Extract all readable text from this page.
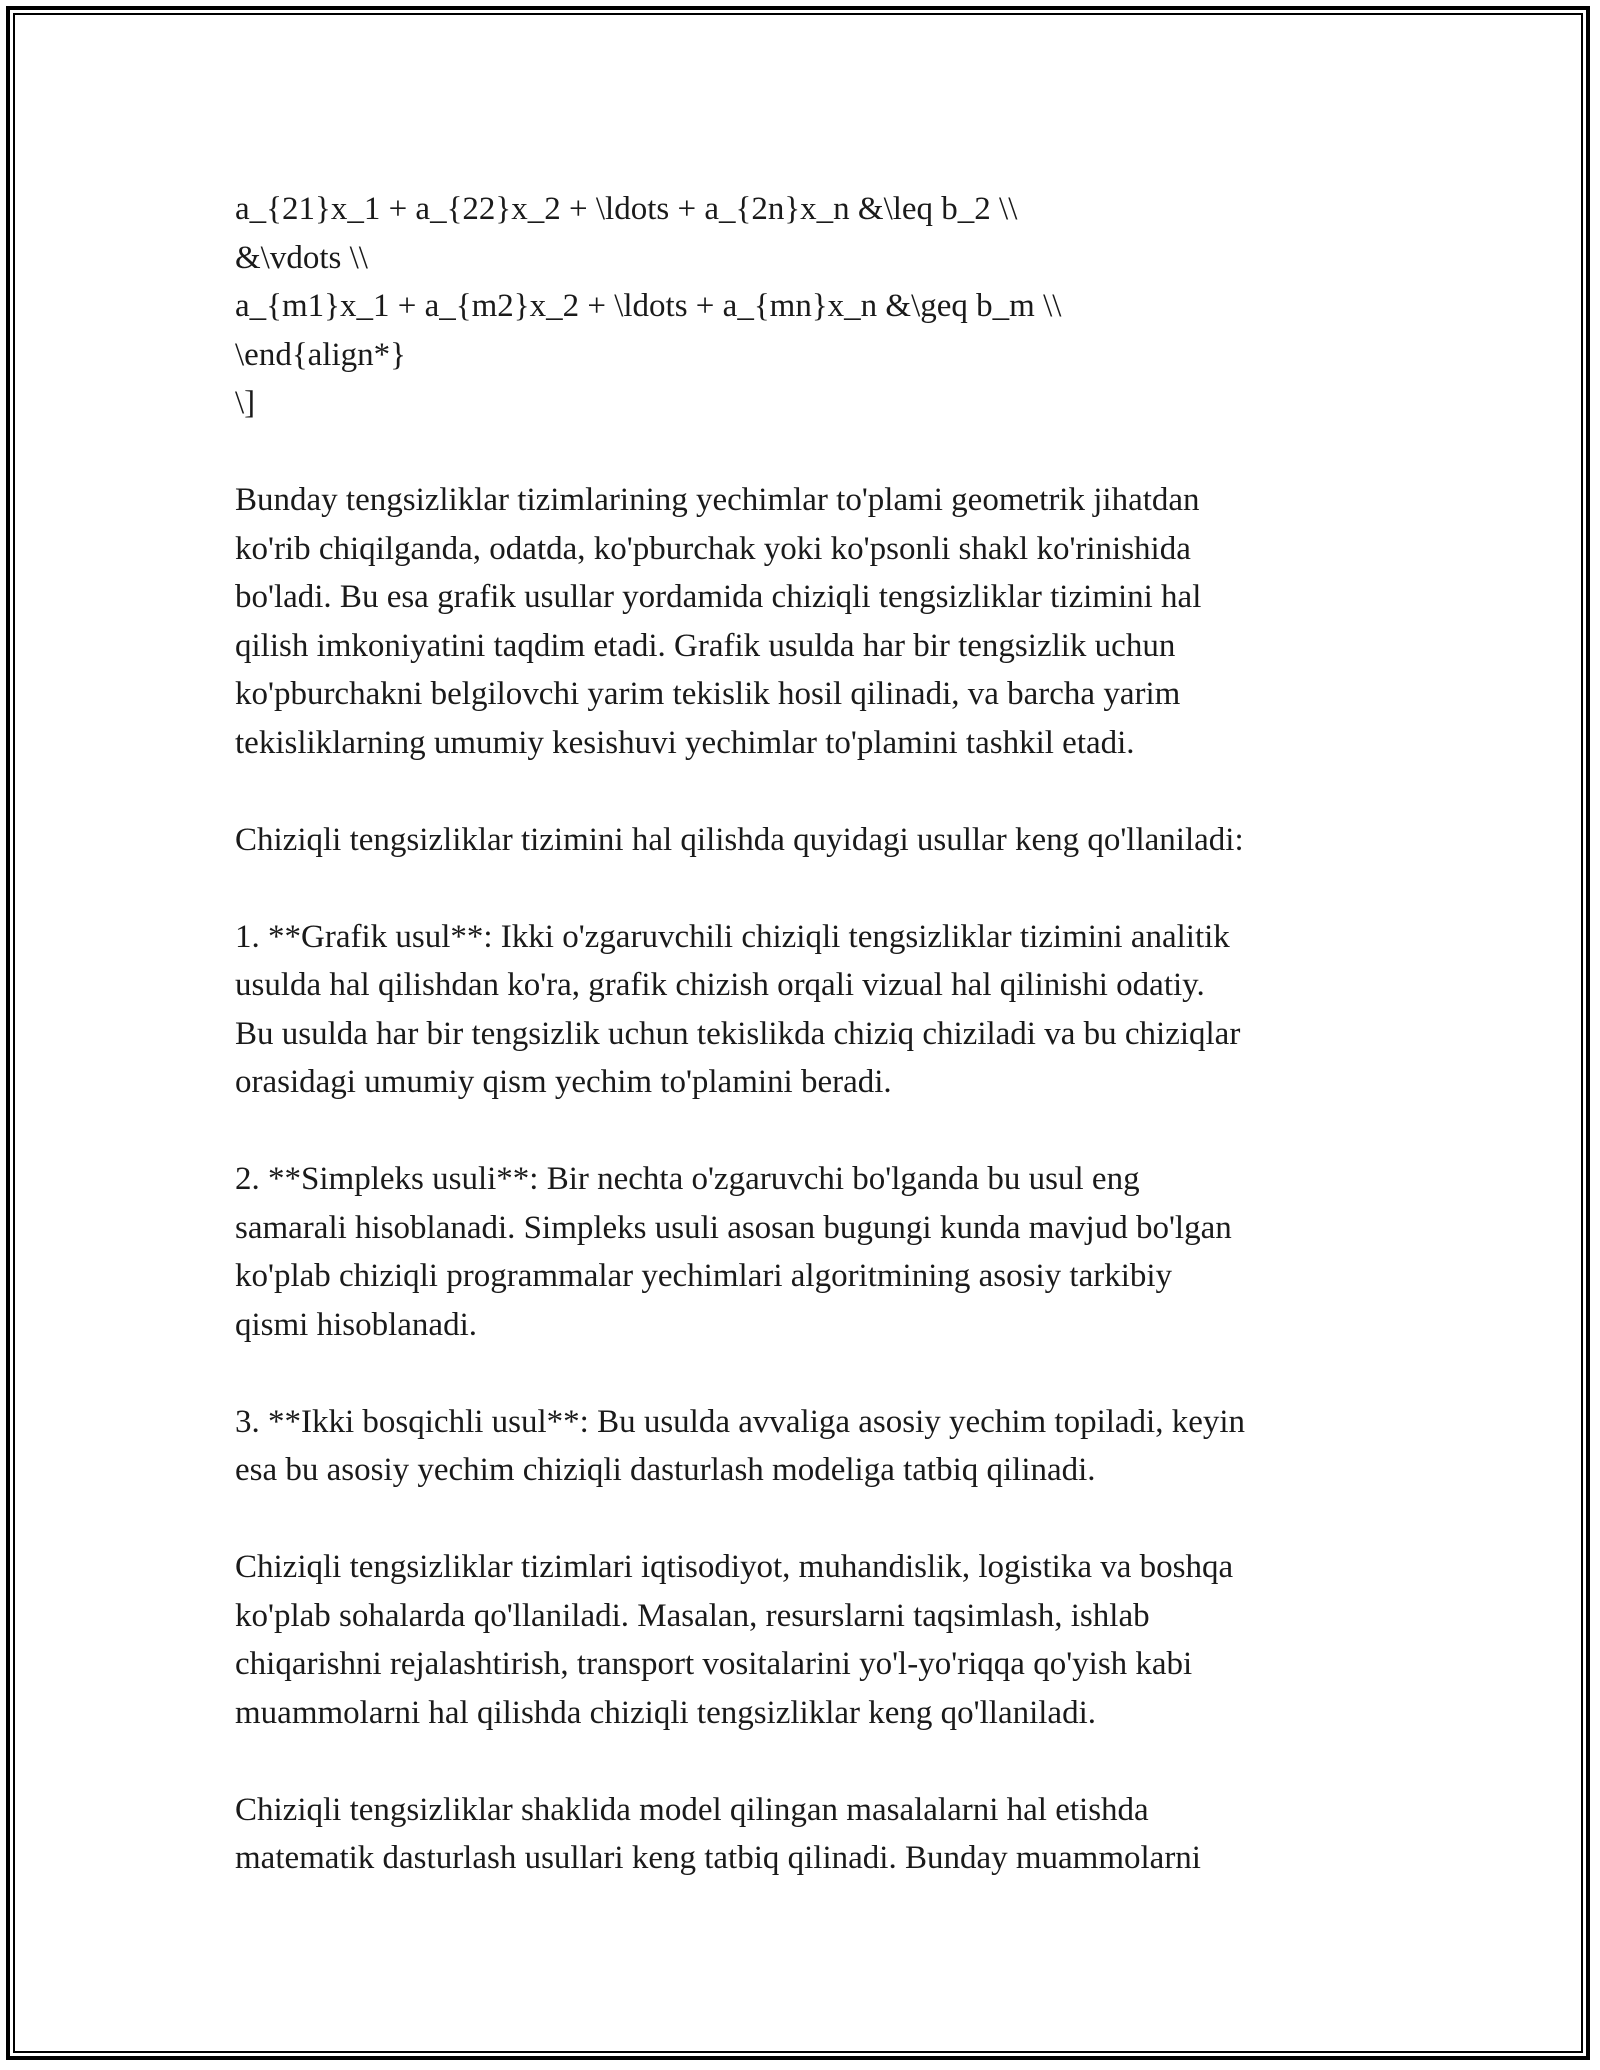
a_{21}x_1 + a_{22}x_2 + \ldots + a_{2n}x_n &\leq b_2 \\
&\vdots \\
a_{m1}x_1 + a_{m2}x_2 + \ldots + a_{mn}x_n &\geq b_m \\
\end{align*}
\]
Bunday tengsizliklar tizimlarining yechimlar to'plami geometrik jihatdan
ko'rib chiqilganda, odatda, ko'pburchak yoki ko'psonli shakl ko'rinishida
bo'ladi. Bu esa grafik usullar yordamida chiziqli tengsizliklar tizimini hal
qilish imkoniyatini taqdim etadi. Grafik usulda har bir tengsizlik uchun
ko'pburchakni belgilovchi yarim tekislik hosil qilinadi, va barcha yarim
tekisliklarning umumiy kesishuvi yechimlar to'plamini tashkil etadi.
Chiziqli tengsizliklar tizimini hal qilishda quyidagi usullar keng qo'llaniladi:
1. **Grafik usul**: Ikki o'zgaruvchili chiziqli tengsizliklar tizimini analitik
usulda hal qilishdan ko'ra, grafik chizish orqali vizual hal qilinishi odatiy.
Bu usulda har bir tengsizlik uchun tekislikda chiziq chiziladi va bu chiziqlar
orasidagi umumiy qism yechim to'plamini beradi.
2. **Simpleks usuli**: Bir nechta o'zgaruvchi bo'lganda bu usul eng
samarali hisoblanadi. Simpleks usuli asosan bugungi kunda mavjud bo'lgan
ko'plab chiziqli programmalar yechimlari algoritmining asosiy tarkibiy
qismi hisoblanadi.
3. **Ikki bosqichli usul**: Bu usulda avvaliga asosiy yechim topiladi, keyin
esa bu asosiy yechim chiziqli dasturlash modeliga tatbiq qilinadi.
Chiziqli tengsizliklar tizimlari iqtisodiyot, muhandislik, logistika va boshqa
ko'plab sohalarda qo'llaniladi. Masalan, resurslarni taqsimlash, ishlab
chiqarishni rejalashtirish, transport vositalarini yo'l-yo'riqqa qo'yish kabi
muammolarni hal qilishda chiziqli tengsizliklar keng qo'llaniladi.
Chiziqli tengsizliklar shaklida model qilingan masalalarni hal etishda
matematik dasturlash usullari keng tatbiq qilinadi. Bunday muammolarni
